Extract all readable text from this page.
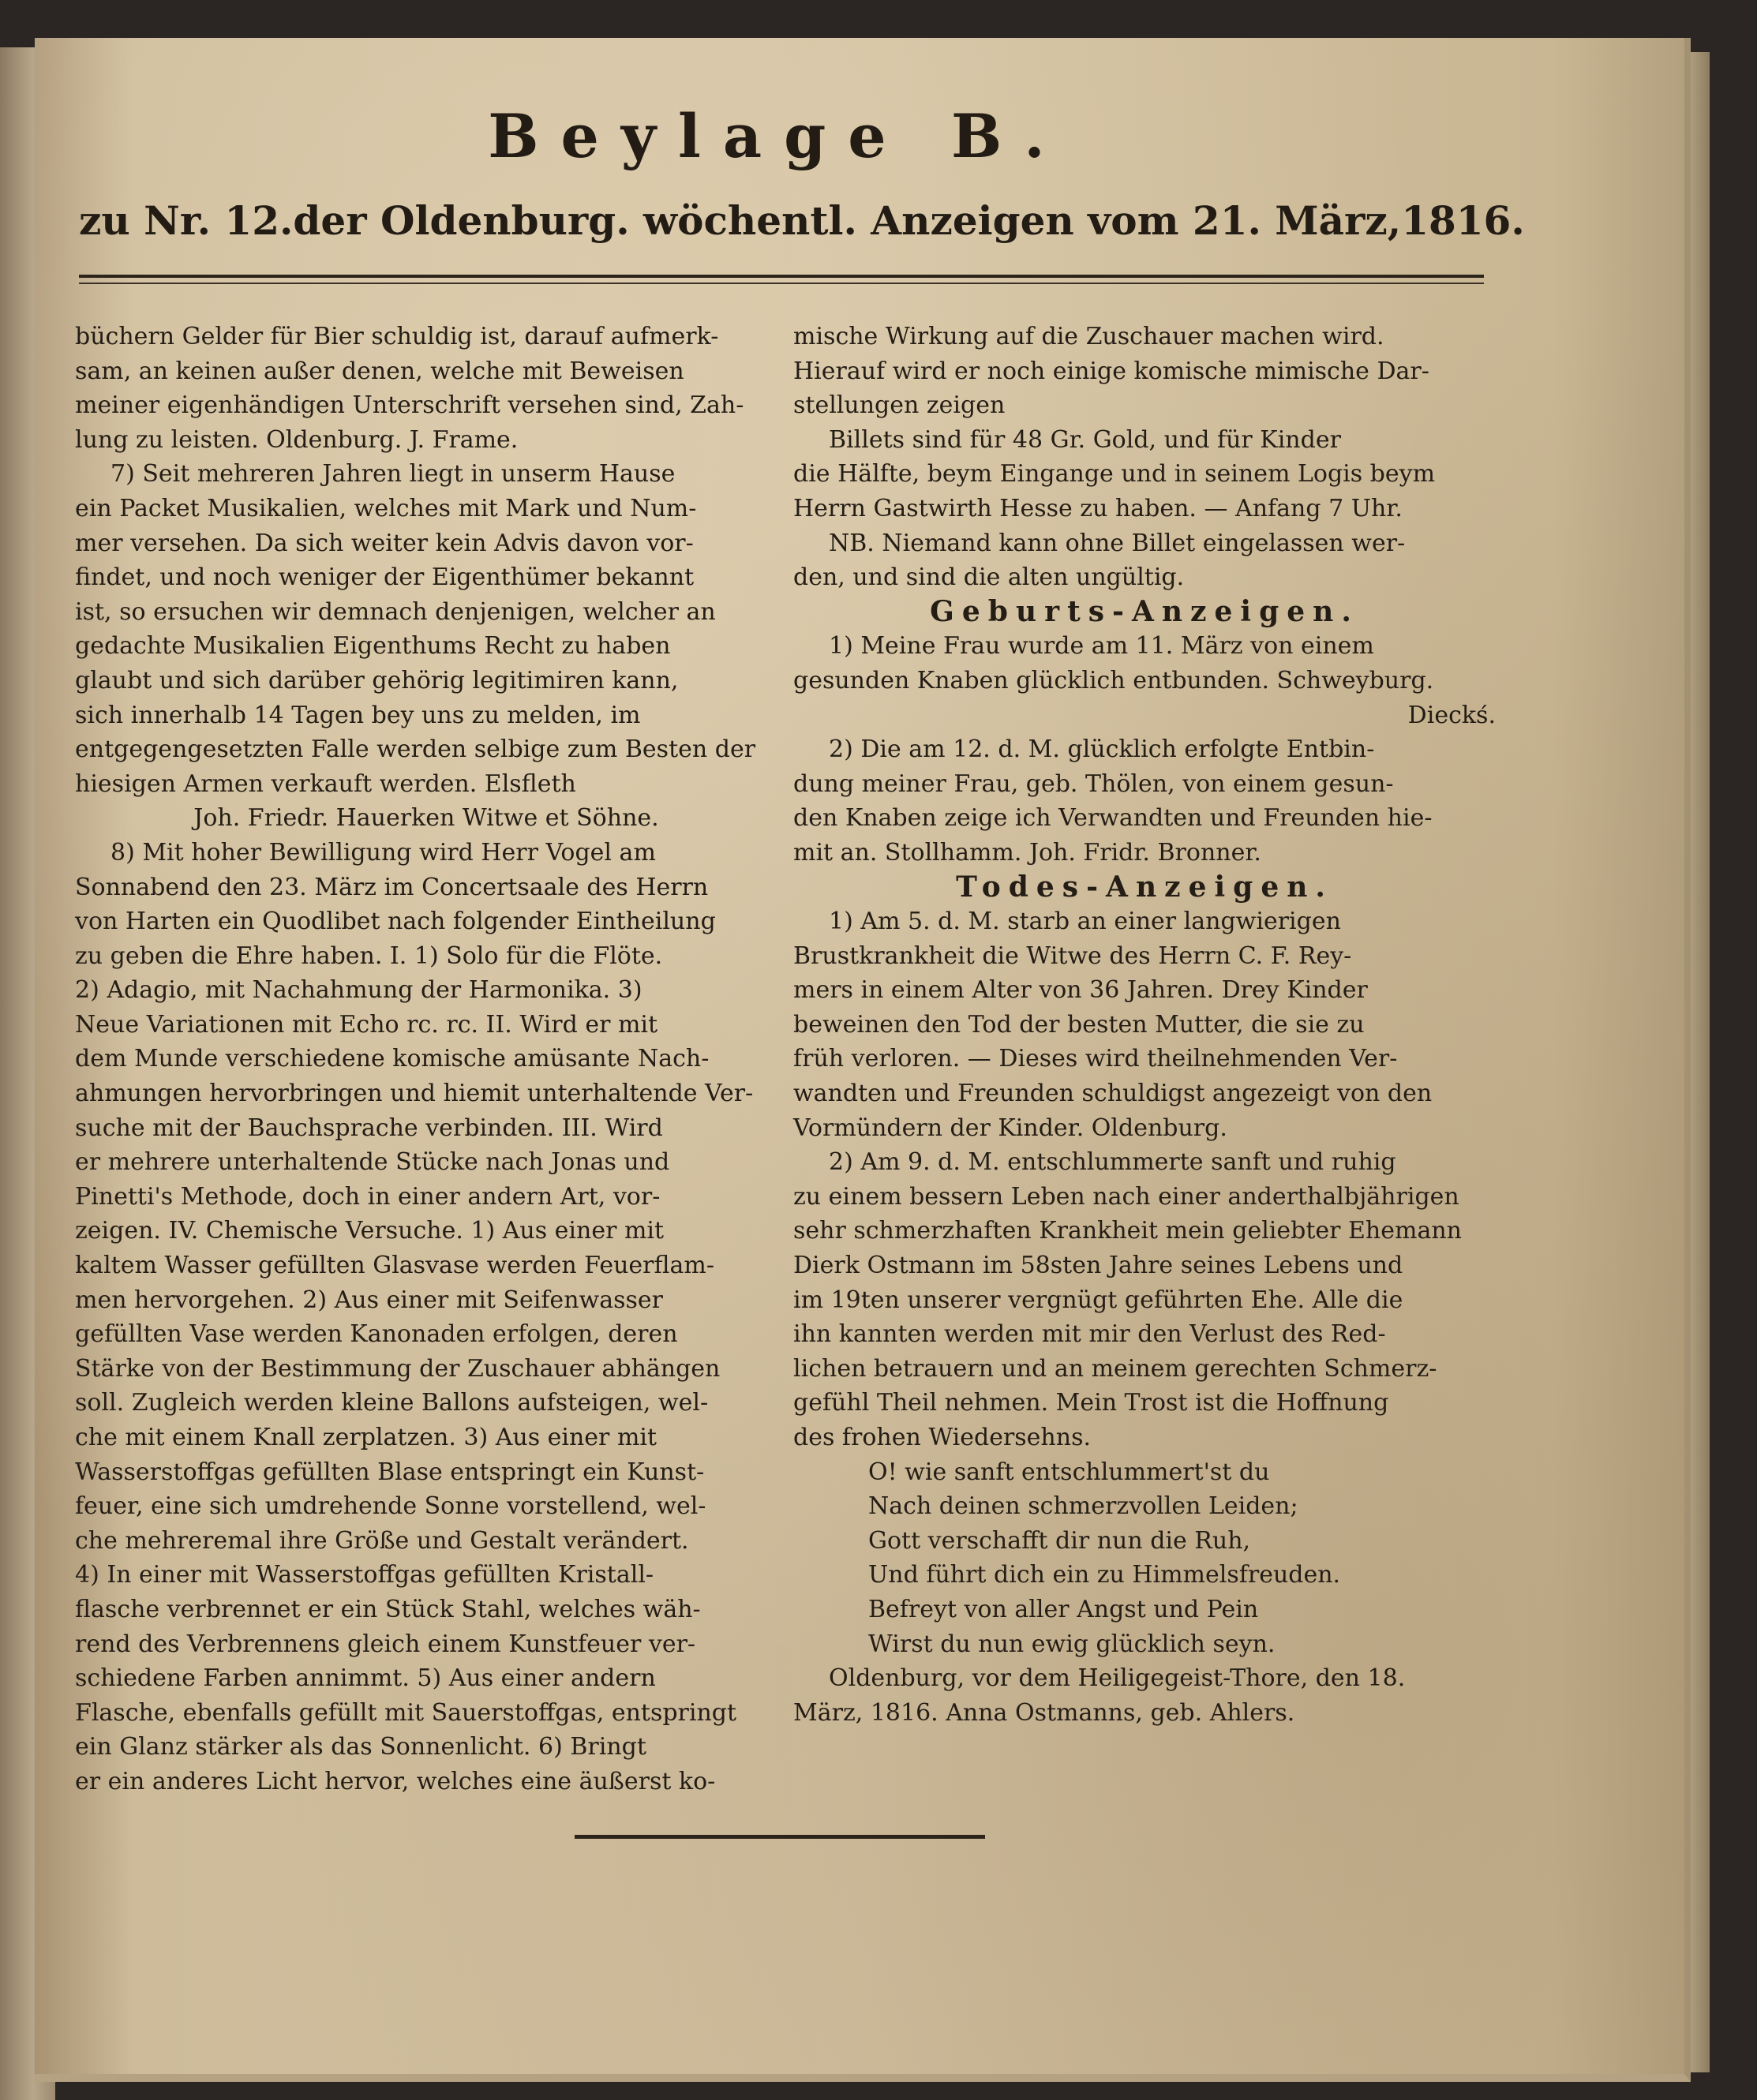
Beylage B.
zu Nr. 12. der Oldenburg. wöchentl. Anzeigen vom 21. März, 1816.

büchern Gelder für Bier schuldig ist, darauf aufmerk-

sam, an keinen außer denen, welche mit Beweisen

meiner eigenhändigen Unterschrift versehen sind, Zah-

lung zu leisten. Oldenburg. J. Frame.

7) Seit mehreren Jahren liegt in unserm Hause

ein Packet Musikalien, welches mit Mark und Num-

mer versehen. Da sich weiter kein Advis davon vor-

findet, und noch weniger der Eigenthümer bekannt

ist, so ersuchen wir demnach denjenigen, welcher an

gedachte Musikalien Eigenthums Recht zu haben

glaubt und sich darüber gehörig legitimiren kann,

sich innerhalb 14 Tagen bey uns zu melden, im

entgegengesetzten Falle werden selbige zum Besten der

hiesigen Armen verkauft werden. Elsfleth

Joh. Friedr. Hauerken Witwe et Söhne.

8) Mit hoher Bewilligung wird Herr Vogel am

Sonnabend den 23. März im Concertsaale des Herrn

von Harten ein Quodlibet nach folgender Eintheilung

zu geben die Ehre haben. I. 1) Solo für die Flöte.

2) Adagio, mit Nachahmung der Harmonika. 3)

Neue Variationen mit Echo rc. rc. II. Wird er mit

dem Munde verschiedene komische amüsante Nach-

ahmungen hervorbringen und hiemit unterhaltende Ver-

suche mit der Bauchsprache verbinden. III. Wird

er mehrere unterhaltende Stücke nach Jonas und

Pinetti's Methode, doch in einer andern Art, vor-

zeigen. IV. Chemische Versuche. 1) Aus einer mit

kaltem Wasser gefüllten Glasvase werden Feuerflam-

men hervorgehen. 2) Aus einer mit Seifenwasser

gefüllten Vase werden Kanonaden erfolgen, deren

Stärke von der Bestimmung der Zuschauer abhängen

soll. Zugleich werden kleine Ballons aufsteigen, wel-

che mit einem Knall zerplatzen. 3) Aus einer mit

Wasserstoffgas gefüllten Blase entspringt ein Kunst-

feuer, eine sich umdrehende Sonne vorstellend, wel-

che mehreremal ihre Größe und Gestalt verändert.

4) In einer mit Wasserstoffgas gefüllten Kristall-

flasche verbrennet er ein Stück Stahl, welches wäh-

rend des Verbrennens gleich einem Kunstfeuer ver-

schiedene Farben annimmt. 5) Aus einer andern

Flasche, ebenfalls gefüllt mit Sauerstoffgas, entspringt

ein Glanz stärker als das Sonnenlicht. 6) Bringt

er ein anderes Licht hervor, welches eine äußerst ko-

mische Wirkung auf die Zuschauer machen wird.

Hierauf wird er noch einige komische mimische Dar-

stellungen zeigen

Billets sind für 48 Gr. Gold, und für Kinder

die Hälfte, beym Eingange und in seinem Logis beym

Herrn Gastwirth Hesse zu haben. — Anfang 7 Uhr.

NB. Niemand kann ohne Billet eingelassen wer-

den, und sind die alten ungültig.

Geburts-Anzeigen.

1) Meine Frau wurde am 11. März von einem

gesunden Knaben glücklich entbunden. Schweyburg.

Dieckś.

2) Die am 12. d. M. glücklich erfolgte Entbin-

dung meiner Frau, geb. Thölen, von einem gesun-

den Knaben zeige ich Verwandten und Freunden hie-

mit an. Stollhamm. Joh. Fridr. Bronner.

Todes-Anzeigen.

1) Am 5. d. M. starb an einer langwierigen

Brustkrankheit die Witwe des Herrn C. F. Rey-

mers in einem Alter von 36 Jahren. Drey Kinder

beweinen den Tod der besten Mutter, die sie zu

früh verloren. — Dieses wird theilnehmenden Ver-

wandten und Freunden schuldigst angezeigt von den

Vormündern der Kinder. Oldenburg.

2) Am 9. d. M. entschlummerte sanft und ruhig

zu einem bessern Leben nach einer anderthalbjährigen

sehr schmerzhaften Krankheit mein geliebter Ehemann

Dierk Ostmann im 58sten Jahre seines Lebens und

im 19ten unserer vergnügt geführten Ehe. Alle die

ihn kannten werden mit mir den Verlust des Red-

lichen betrauern und an meinem gerechten Schmerz-

gefühl Theil nehmen. Mein Trost ist die Hoffnung

des frohen Wiedersehns.

O! wie sanft entschlummert'st du

Nach deinen schmerzvollen Leiden;

Gott verschafft dir nun die Ruh,

Und führt dich ein zu Himmelsfreuden.

Befreyt von aller Angst und Pein

Wirst du nun ewig glücklich seyn.

Oldenburg, vor dem Heiligegeist-Thore, den 18.

März, 1816. Anna Ostmanns, geb. Ahlers.
